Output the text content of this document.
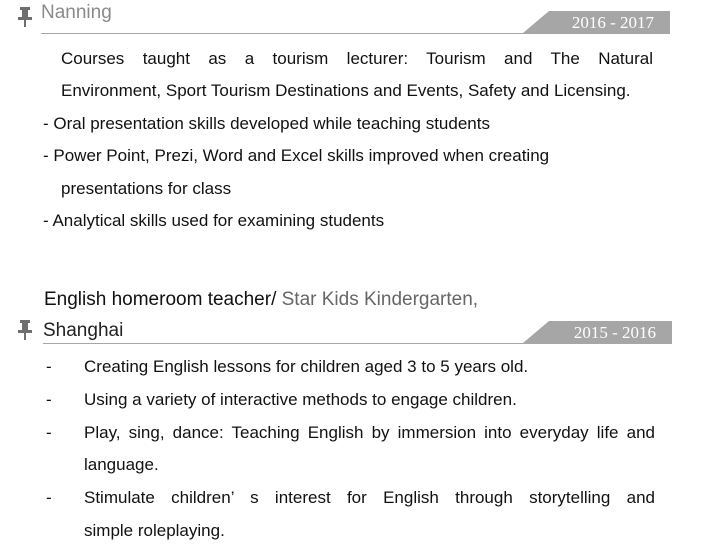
Nanning	2016 - 2017
Courses taught as a tourism lecturer: Tourism and The Natural
Environment, Sport Tourism Destinations and Events, Safety and Licensing.
- Oral presentation skills developed while teaching students
- Power Point, Prezi, Word and Excel skills improved when creating
presentations for class
- Analytical skills used for examining students
English homeroom teacher/ Star Kids Kindergarten,
Shanghai	2015 - 2016
- Creating English lessons for children aged 3 to 5 years old.
- Using a variety of interactive methods to engage children.
- Play, sing, dance: Teaching English by immersion into everyday life and
language.
- Stimulate children’ s interest for English through storytelling and
simple roleplaying.
